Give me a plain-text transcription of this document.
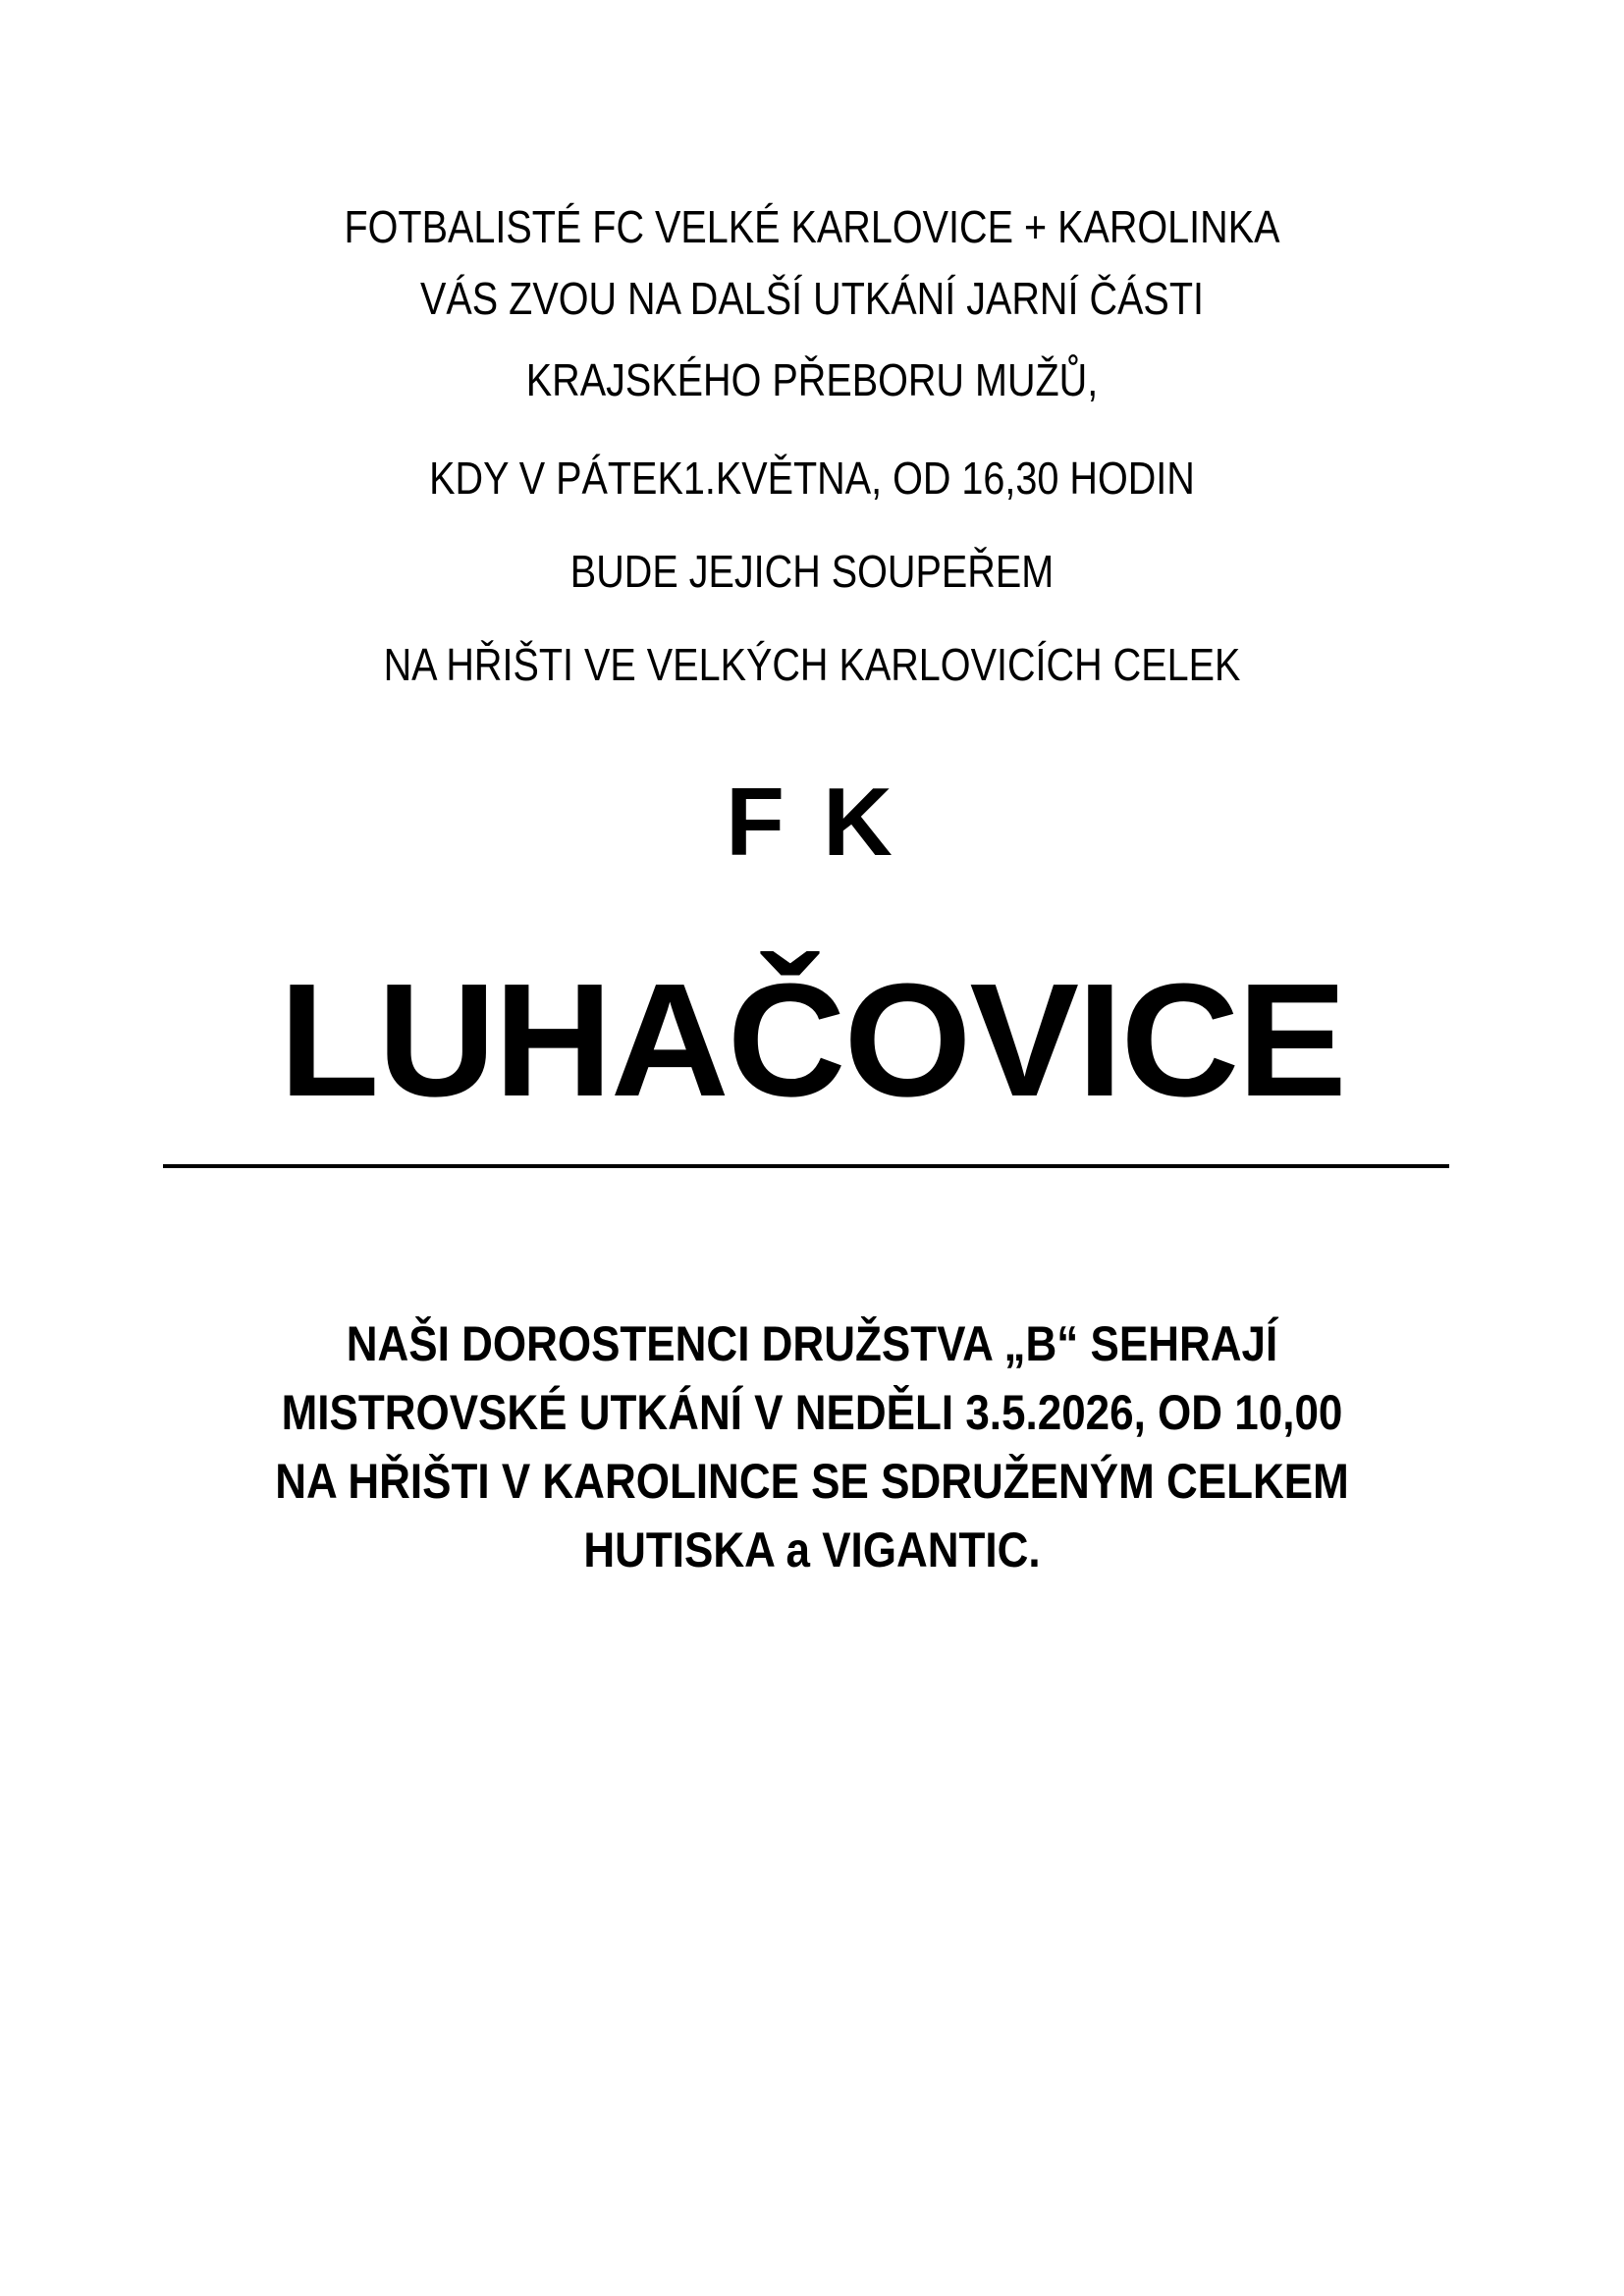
FOTBALISTÉ FC VELKÉ KARLOVICE + KAROLINKA
VÁS ZVOU NA DALŠÍ UTKÁNÍ JARNÍ ČÁSTI
KRAJSKÉHO PŘEBORU MUŽŮ,
KDY V PÁTEK1.KVĚTNA, OD 16,30 HODIN
BUDE JEJICH SOUPEŘEM
NA HŘIŠTI VE VELKÝCH KARLOVICÍCH CELEK
F K
LUHAČOVICE
NAŠI DOROSTENCI DRUŽSTVA „B“ SEHRAJÍ
MISTROVSKÉ UTKÁNÍ V NEDĚLI 3.5.2026, OD 10,00
NA HŘIŠTI V KAROLINCE SE SDRUŽENÝM CELKEM
HUTISKA a VIGANTIC.
